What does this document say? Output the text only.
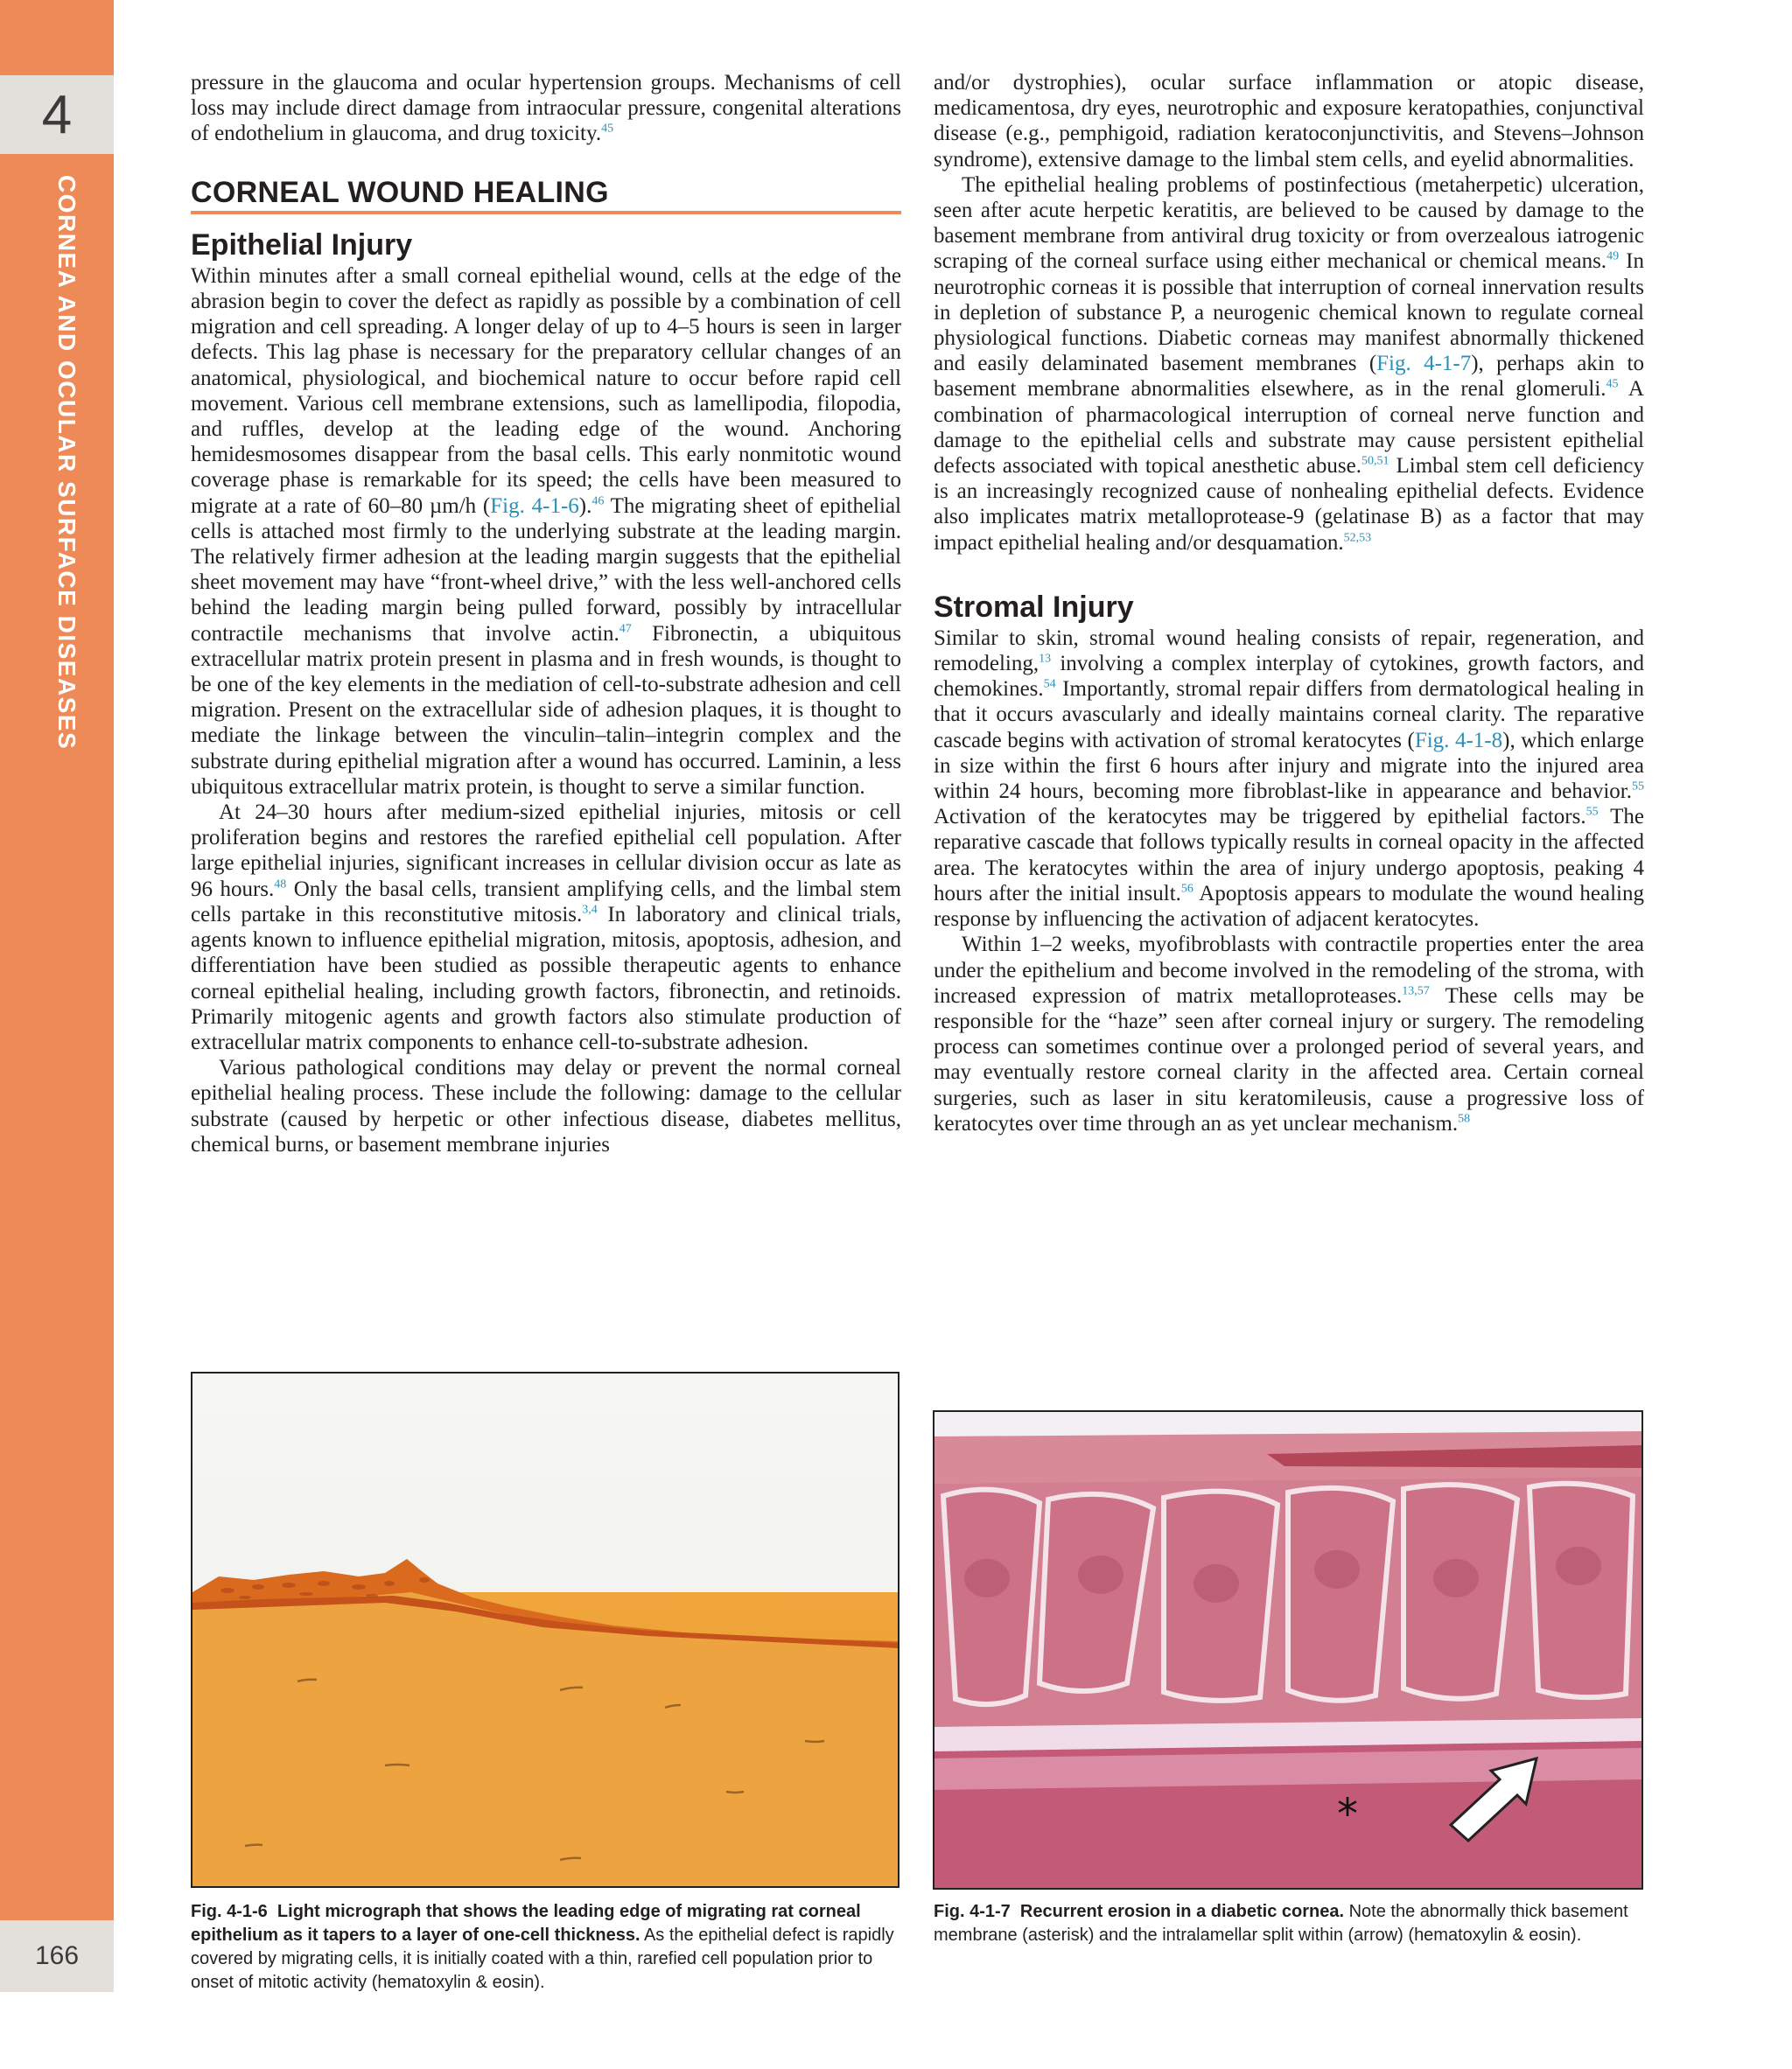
4
CORNEA AND OCULAR SURFACE DISEASES
166

pressure in the glaucoma and ocular hypertension groups. Mechanisms of cell loss may include direct damage from intraocular pressure, congenital alterations of endothelium in glaucoma, and drug toxicity.$^{45}$

CORNEAL WOUND HEALING
Epithelial Injury

Within minutes after a small corneal epithelial wound, cells at the edge of the abrasion begin to cover the defect as rapidly as possible by a combination of cell migration and cell spreading. A longer delay of up to 4–5 hours is seen in larger defects. This lag phase is necessary for the preparatory cellular changes of an anatomical, physiological, and biochemical nature to occur before rapid cell movement. Various cell membrane extensions, such as lamellipodia, filopodia, and ruffles, develop at the leading edge of the wound. Anchoring hemidesmosomes disappear from the basal cells. This early nonmitotic wound coverage phase is remarkable for its speed; the cells have been measured to migrate at a rate of 60–80 µm/h (Fig. 4-1-6).$^{46}$ The migrating sheet of epithelial cells is attached most firmly to the underlying substrate at the leading margin. The relatively firmer adhesion at the leading margin suggests that the epithelial sheet movement may have “front-wheel drive,” with the less well-anchored cells behind the leading margin being pulled forward, possibly by intracellular contractile mechanisms that involve actin.$^{47}$ Fibronectin, a ubiquitous extracellular matrix protein present in plasma and in fresh wounds, is thought to be one of the key elements in the mediation of cell-to-substrate adhesion and cell migration. Present on the extracellular side of adhesion plaques, it is thought to mediate the linkage between the vinculin–talin–integrin complex and the substrate during epithelial migration after a wound has occurred. Laminin, a less ubiquitous extracellular matrix protein, is thought to serve a similar function.

At 24–30 hours after medium-sized epithelial injuries, mitosis or cell proliferation begins and restores the rarefied epithelial cell population. After large epithelial injuries, significant increases in cellular division occur as late as 96 hours.$^{48}$ Only the basal cells, transient amplifying cells, and the limbal stem cells partake in this reconstitutive mitosis.$^{3,4}$ In laboratory and clinical trials, agents known to influence epithelial migration, mitosis, apoptosis, adhesion, and differentiation have been studied as possible therapeutic agents to enhance corneal epithelial healing, including growth factors, fibronectin, and retinoids. Primarily mitogenic agents and growth factors also stimulate production of extracellular matrix components to enhance cell-to-substrate adhesion.

Various pathological conditions may delay or prevent the normal corneal epithelial healing process. These include the following: damage to the cellular substrate (caused by herpetic or other infectious disease, diabetes mellitus, chemical burns, or basement membrane injuries

and/or dystrophies), ocular surface inflammation or atopic disease, medicamentosa, dry eyes, neurotrophic and exposure keratopathies, conjunctival disease (e.g., pemphigoid, radiation keratoconjunctivitis, and Stevens–Johnson syndrome), extensive damage to the limbal stem cells, and eyelid abnormalities.

The epithelial healing problems of postinfectious (metaherpetic) ulceration, seen after acute herpetic keratitis, are believed to be caused by damage to the basement membrane from antiviral drug toxicity or from overzealous iatrogenic scraping of the corneal surface using either mechanical or chemical means.$^{49}$ In neurotrophic corneas it is possible that interruption of corneal innervation results in depletion of substance P, a neurogenic chemical known to regulate corneal physiological functions. Diabetic corneas may manifest abnormally thickened and easily delaminated basement membranes (Fig. 4-1-7), perhaps akin to basement membrane abnormalities elsewhere, as in the renal glomeruli.$^{45}$ A combination of pharmacological interruption of corneal nerve function and damage to the epithelial cells and substrate may cause persistent epithelial defects associated with topical anesthetic abuse.$^{50,51}$ Limbal stem cell deficiency is an increasingly recognized cause of nonhealing epithelial defects. Evidence also implicates matrix metalloprotease-9 (gelatinase B) as a factor that may impact epithelial healing and/or desquamation.$^{52,53}$

Stromal Injury

Similar to skin, stromal wound healing consists of repair, regeneration, and remodeling,$^{13}$ involving a complex interplay of cytokines, growth factors, and chemokines.$^{54}$ Importantly, stromal repair differs from dermatological healing in that it occurs avascularly and ideally maintains corneal clarity. The reparative cascade begins with activation of stromal keratocytes (Fig. 4-1-8), which enlarge in size within the first 6 hours after injury and migrate into the injured area within 24 hours, becoming more fibroblast-like in appearance and behavior.$^{55}$ Activation of the keratocytes may be triggered by epithelial factors.$^{55}$ The reparative cascade that follows typically results in corneal opacity in the affected area. The keratocytes within the area of injury undergo apoptosis, peaking 4 hours after the initial insult.$^{56}$ Apoptosis appears to modulate the wound healing response by influencing the activation of adjacent keratocytes.

Within 1–2 weeks, myofibroblasts with contractile properties enter the area under the epithelium and become involved in the remodeling of the stroma, with increased expression of matrix metalloproteases.$^{13,57}$ These cells may be responsible for the “haze” seen after corneal injury or surgery. The remodeling process can sometimes continue over a prolonged period of several years, and may eventually restore corneal clarity in the affected area. Certain corneal surgeries, such as laser in situ keratomileusis, cause a progressive loss of keratocytes over time through an as yet unclear mechanism.$^{58}$

*
Fig. 4-1-6 Light micrograph that shows the leading edge of migrating rat corneal epithelium as it tapers to a layer of one-cell thickness. As the epithelial defect is rapidly covered by migrating cells, it is initially coated with a thin, rarefied cell population prior to onset of mitotic activity (hematoxylin & eosin).
Fig. 4-1-7 Recurrent erosion in a diabetic cornea. Note the abnormally thick basement membrane (asterisk) and the intralamellar split within (arrow) (hematoxylin & eosin).
